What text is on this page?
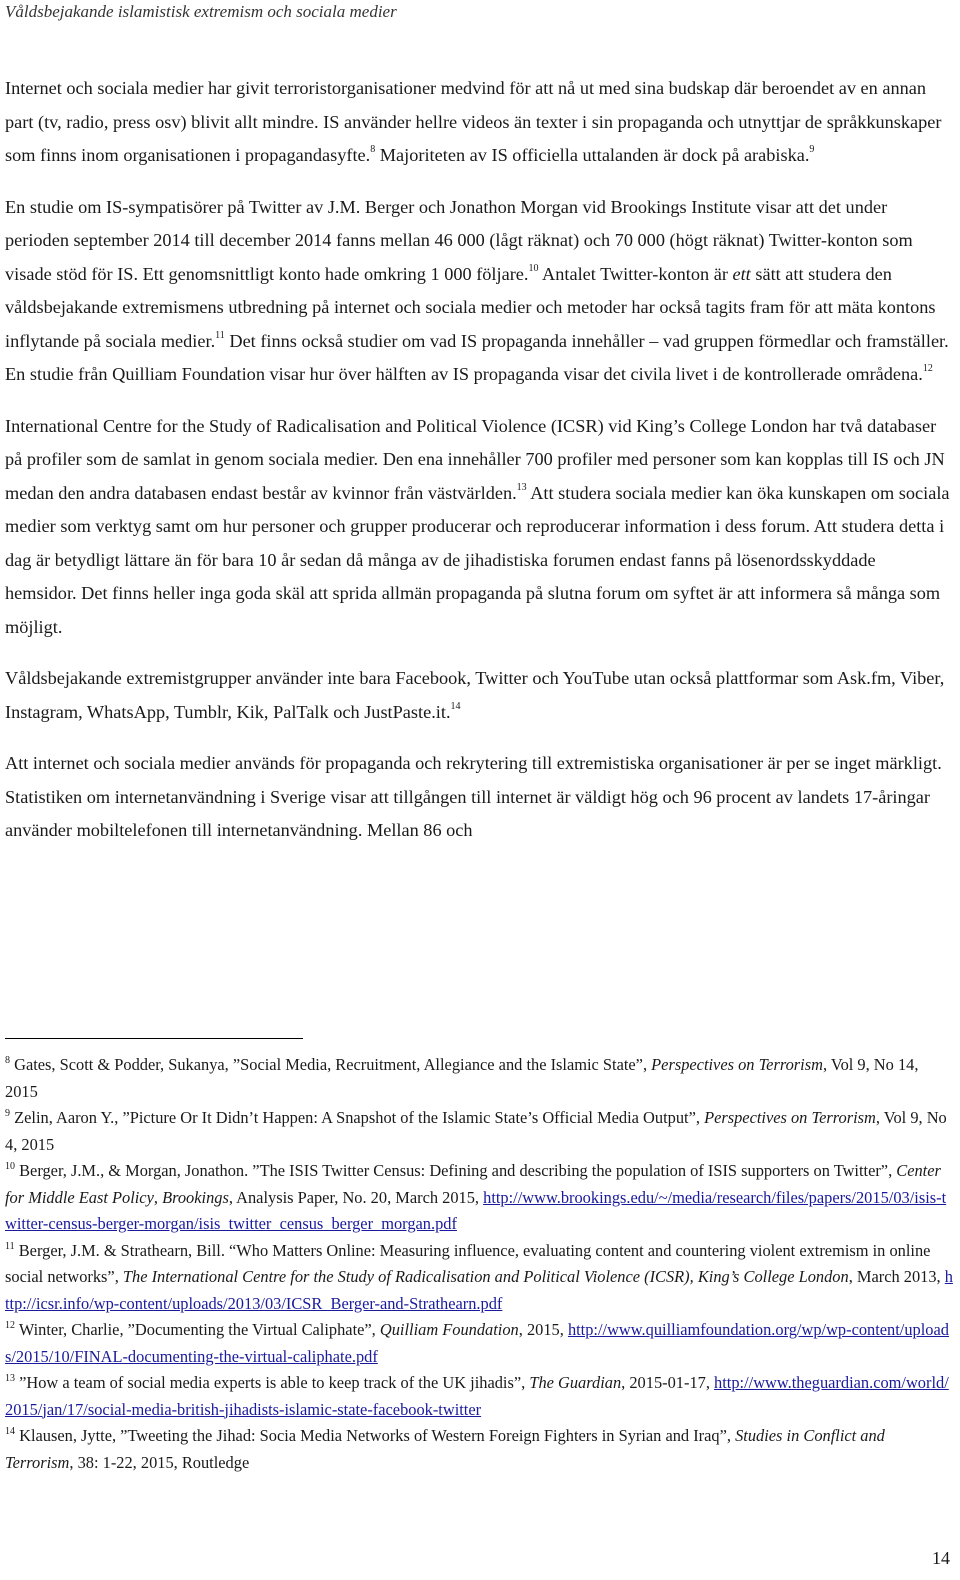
Våldsbejakande islamistisk extremism och sociala medier

Internet och sociala medier har givit terroristorganisationer medvind för att nå ut med sina budskap där beroendet av en annan part (tv, radio, press osv) blivit allt mindre. IS använder hellre videos än texter i sin propaganda och utnyttjar de språkkunskaper som finns inom organisationen i propagandasyfte.$^8$ Majoriteten av IS officiella uttalanden är dock på arabiska.$^9$

En studie om IS-sympatisörer på Twitter av J.M. Berger och Jonathon Morgan vid Brookings Institute visar att det under perioden september 2014 till december 2014 fanns mellan 46 000 (lågt räknat) och 70 000 (högt räknat) Twitter-konton som visade stöd för IS. Ett genomsnittligt konto hade omkring 1 000 följare.$^{10}$ Antalet Twitter-konton är ett sätt att studera den våldsbejakande extremismens utbredning på internet och sociala medier och metoder har också tagits fram för att mäta kontons inflytande på sociala medier.$^{11}$ Det finns också studier om vad IS propaganda innehåller – vad gruppen förmedlar och framställer. En studie från Quilliam Foundation visar hur över hälften av IS propaganda visar det civila livet i de kontrollerade områdena.$^{12}$

International Centre for the Study of Radicalisation and Political Violence (ICSR) vid King’s College London har två databaser på profiler som de samlat in genom sociala medier. Den ena innehåller 700 profiler med personer som kan kopplas till IS och JN medan den andra databasen endast består av kvinnor från västvärlden.$^{13}$ Att studera sociala medier kan öka kunskapen om sociala medier som verktyg samt om hur personer och grupper producerar och reproducerar information i dess forum. Att studera detta i dag är betydligt lättare än för bara 10 år sedan då många av de jihadistiska forumen endast fanns på lösenordsskyddade hemsidor. Det finns heller inga goda skäl att sprida allmän propaganda på slutna forum om syftet är att informera så många som möjligt.

Våldsbejakande extremistgrupper använder inte bara Facebook, Twitter och YouTube utan också plattformar som Ask.fm, Viber, Instagram, WhatsApp, Tumblr, Kik, PalTalk och JustPaste.it.$^{14}$

Att internet och sociala medier används för propaganda och rekrytering till extremistiska organisationer är per se inget märkligt. Statistiken om internetanvändning i Sverige visar att tillgången till internet är väldigt hög och 96 procent av landets 17-åringar använder mobiltelefonen till internetanvändning. Mellan 86 och

$^8$ Gates, Scott & Podder, Sukanya, ”Social Media, Recruitment, Allegiance and the Islamic State”, Perspectives on Terrorism, Vol 9, No 14, 2015

$^9$ Zelin, Aaron Y., ”Picture Or It Didn’t Happen: A Snapshot of the Islamic State’s Official Media Output”, Perspectives on Terrorism, Vol 9, No 4, 2015

$^{10}$ Berger, J.M., & Morgan, Jonathon. ”The ISIS Twitter Census: Defining and describing the population of ISIS supporters on Twitter”, Center for Middle East Policy, Brookings, Analysis Paper, No. 20, March 2015, http://www.brookings.edu/~/media/research/files/papers/2015/03/isis-twitter-census-berger-morgan/isis_twitter_census_berger_morgan.pdf

$^{11}$ Berger, J.M. & Strathearn, Bill. “Who Matters Online: Measuring influence, evaluating content and countering violent extremism in online social networks”, The International Centre for the Study of Radicalisation and Political Violence (ICSR), King’s College London, March 2013, http://icsr.info/wp-content/uploads/2013/03/ICSR_Berger-and-Strathearn.pdf

$^{12}$ Winter, Charlie, ”Documenting the Virtual Caliphate”, Quilliam Foundation, 2015, http://www.quilliamfoundation.org/wp/wp-content/uploads/2015/10/FINAL-documenting-the-virtual-caliphate.pdf

$^{13}$ ”How a team of social media experts is able to keep track of the UK jihadis”, The Guardian, 2015-01-17, http://www.theguardian.com/world/2015/jan/17/social-media-british-jihadists-islamic-state-facebook-twitter

$^{14}$ Klausen, Jytte, ”Tweeting the Jihad: Socia Media Networks of Western Foreign Fighters in Syrian and Iraq”, Studies in Conflict and Terrorism, 38: 1-22, 2015, Routledge

14
